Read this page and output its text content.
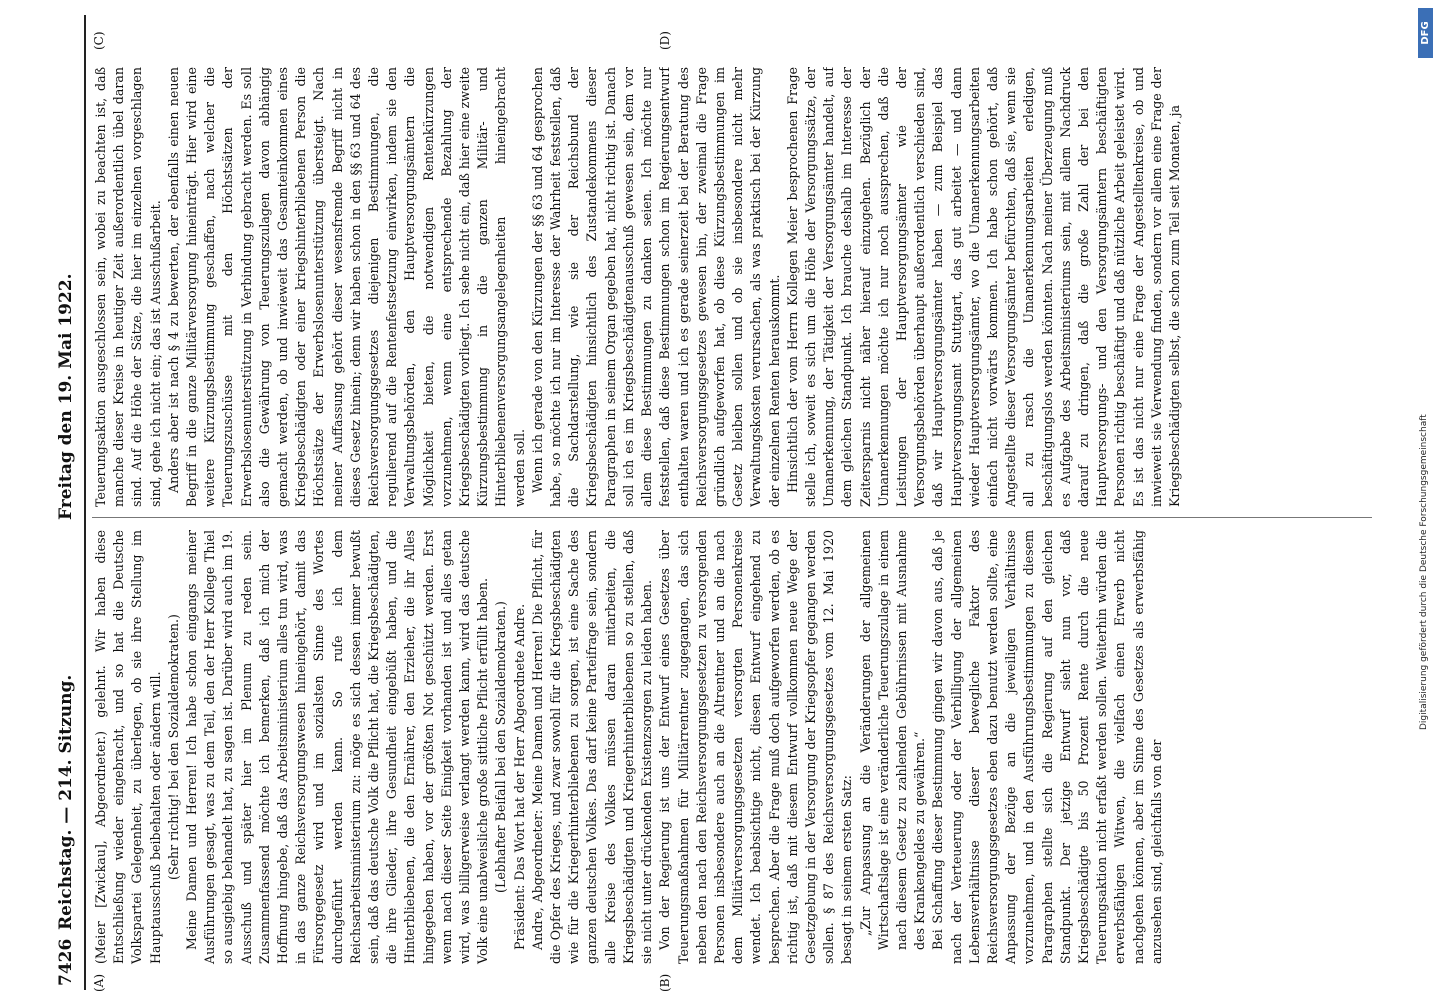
7426
Reichstag. — 214. Sitzung.
Freitag den 19. Mai 1922.
(A)	(B)
(C)	(D)

(Meier [Zwickau], Abgeordneter.) gelehnt. Wir haben diese Entschließung wieder eingebracht, und so hat die Deutsche Volkspartei Gelegenheit, zu überlegen, ob sie ihre Stellung im Hauptausschuß beibehalten oder ändern will. (Sehr richtig! bei den Sozialdemokraten.) Meine Damen und Herren! Ich habe schon eingangs meiner Ausführungen gesagt, was zu dem Teil, den der Herr Kollege Thiel so ausgiebig behandelt hat, zu sagen ist. Darüber wird auch im 19. Ausschuß und später hier im Plenum zu reden sein. Zusammenfassend möchte ich bemerken, daß ich mich der Hoffnung hingebe, daß das Arbeitsministerium alles tun wird, was in das ganze Reichsversorgungswesen hineingehört, damit das Fürsorgegesetz wird und im sozialsten Sinne des Wortes durchgeführt werden kann. So rufe ich dem Reichsarbeitsministerium zu: möge es sich dessen immer bewußt sein, daß das deutsche Volk die Pflicht hat, die Kriegsbeschädigten, die ihre Glieder, ihre Gesundheit eingebüßt haben, und die Hinterbliebenen, die den Ernährer, den Erzieher, die ihr Alles hingegeben haben, vor der größten Not geschützt werden. Erst wenn nach dieser Seite Einigkeit vorhanden ist und alles getan wird, was billigerweise verlangt werden kann, wird das deutsche Volk eine unabweisliche große sittliche Pflicht erfüllt haben. (Lebhafter Beifall bei den Sozialdemokraten.) Präsident: Das Wort hat der Herr Abgeordnete Andre. Andre, Abgeordneter: Meine Damen und Herren! Die Pflicht, für die Opfer des Krieges, und zwar sowohl für die Kriegsbeschädigten wie für die Kriegerhinterbliebenen zu sorgen, ist eine Sache des ganzen deutschen Volkes. Das darf keine Parteifrage sein, sondern alle Kreise des Volkes müssen daran mitarbeiten, die Kriegsbeschädigten und Kriegerhinterbliebenen so zu stellen, daß sie nicht unter drückenden Existenzsorgen zu leiden haben. Von der Regierung ist uns der Entwurf eines Gesetzes über Teuerungsmaßnahmen für Militärrentner zugegangen, das sich neben den nach den Reichsversorgungsgesetzen zu versorgenden Personen insbesondere auch an die Altrentner und an die nach dem Militärversorgungsgesetzen versorgten Personenkreise wendet. Ich beabsichtige nicht, diesen Entwurf eingehend zu besprechen. Aber die Frage muß doch aufgeworfen werden, ob es richtig ist, daß mit diesem Entwurf vollkommen neue Wege der Gesetzgebung in der Versorgung der Kriegsopfer gegangen werden sollen. § 87 des Reichsversorgungsgesetzes vom 12. Mai 1920 besagt in seinem ersten Satz: „Zur Anpassung an die Veränderungen der allgemeinen Wirtschaftslage ist eine veränderliche Teuerungszulage in einem nach diesem Gesetz zu zahlenden Gebührnissen mit Ausnahme des Krankengeldes zu gewähren.“ Bei Schaffung dieser Bestimmung gingen wir davon aus, daß je nach der Verteuerung oder der Verbilligung der allgemeinen Lebensverhältnisse dieser bewegliche Faktor des Reichsversorgungsgesetzes eben dazu benutzt werden sollte, eine Anpassung der Bezüge an die jeweiligen Verhältnisse vorzunehmen, und in den Ausführungsbestimmungen zu diesem Paragraphen stellte sich die Regierung auf den gleichen Standpunkt. Der jetzige Entwurf sieht nun vor, daß Kriegsbeschädigte bis 50 Prozent Rente durch die neue Teuerungsaktion nicht erfaßt werden sollen. Weiterhin würden die erwerbsfähigen Witwen, die vielfach einen Erwerb nicht nachgehen können, aber im Sinne des Gesetzes als erwerbsfähig anzusehen sind, gleichfalls von der

Teuerungsaktion ausgeschlossen sein, wobei zu beachten ist, daß manche dieser Kreise in heutiger Zeit außerordentlich übel daran sind. Auf die Höhe der Sätze, die hier im einzelnen vorgeschlagen sind, gehe ich nicht ein; das ist Ausschußarbeit. Anders aber ist nach § 4 zu bewerten, der ebenfalls einen neuen Begriff in die ganze Militärversorgung hineinträgt. Hier wird eine weitere Kürzungsbestimmung geschaffen, nach welcher die Teuerungszuschüsse mit den Höchstsätzen der Erwerbslosenunterstützung in Verbindung gebracht werden. Es soll also die Gewährung von Teuerungszulagen davon abhängig gemacht werden, ob und inwieweit das Gesamteinkommen eines Kriegsbeschädigten oder einer kriegshinterbliebenen Person die Höchstsätze der Erwerbslosenunterstützung übersteigt. Nach meiner Auffassung gehört dieser wesensfremde Begriff nicht in dieses Gesetz hinein; denn wir haben schon in den §§ 63 und 64 des Reichsversorgungsgesetzes diejenigen Bestimmungen, die regulierend auf die Rentenfestsetzung einwirken, indem sie den Verwaltungsbehörden, den Hauptversorgungsämtern die Möglichkeit bieten, die notwendigen Rentenkürzungen vorzunehmen, wenn eine entsprechende Bezahlung der Kriegsbeschädigten vorliegt. Ich sehe nicht ein, daß hier eine zweite Kürzungsbestimmung in die ganzen Militär- und Hinterbliebenenversorgungsangelegenheiten hineingebracht werden soll. Wenn ich gerade von den Kürzungen der §§ 63 und 64 gesprochen habe, so möchte ich nur im Interesse der Wahrheit feststellen, daß die Sachdarstellung, wie sie der Reichsbund der Kriegsbeschädigten hinsichtlich des Zustandekommens dieser Paragraphen in seinem Organ gegeben hat, nicht richtig ist. Danach soll ich es im Kriegsbeschädigtenausschuß gewesen sein, dem vor allem diese Bestimmungen zu danken seien. Ich möchte nur feststellen, daß diese Bestimmungen schon im Regierungsentwurf enthalten waren und ich es gerade seinerzeit bei der Beratung des Reichsversorgungsgesetzes gewesen bin, der zweimal die Frage gründlich aufgeworfen hat, ob diese Kürzungsbestimmungen im Gesetz bleiben sollen und ob sie insbesondere nicht mehr Verwaltungskosten verursachen, als was praktisch bei der Kürzung der einzelnen Renten herauskommt. Hinsichtlich der vom Herrn Kollegen Meier besprochenen Frage stelle ich, soweit es sich um die Höhe der Versorgungssätze, der Umanerkennung, der Tätigkeit der Versorgungsämter handelt, auf dem gleichen Standpunkt. Ich brauche deshalb im Interesse der Zeitersparnis nicht näher hierauf einzugehen. Bezüglich der Umanerkennungen möchte ich nur noch aussprechen, daß die Leistungen der Hauptversorgungsämter wie der Versorgungsbehörden überhaupt außerordentlich verschieden sind, daß wir Hauptversorgungsämter haben — zum Beispiel das Hauptversorgungsamt Stuttgart, das gut arbeitet — und dann wieder Hauptversorgungsämter, wo die Umanerkennungsarbeiten einfach nicht vorwärts kommen. Ich habe schon gehört, daß Angestellte dieser Versorgungsämter befürchten, daß sie, wenn sie all zu rasch die Umanerkennungsarbeiten erledigen, beschäftigungslos werden könnten. Nach meiner Überzeugung muß es Aufgabe des Arbeitsministeriums sein, mit allem Nachdruck darauf zu dringen, daß die große Zahl der bei den Hauptversorgungs- und den Versorgungsämtern beschäftigten Personen richtig beschäftigt und daß nützliche Arbeit geleistet wird. Es ist das nicht nur eine Frage der Angestelltenkreise, ob und inwieweit sie Verwendung finden, sondern vor allem eine Frage der Kriegsbeschädigten selbst, die schon zum Teil seit Monaten, ja

Digitalisierung gefördert durch die Deutsche Forschungsgemeinschaft
DFG
